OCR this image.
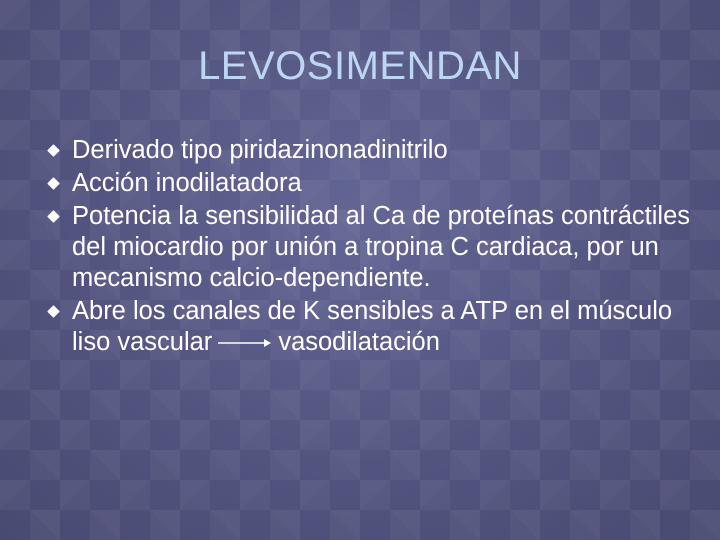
LEVOSIMENDAN
Derivado tipo piridazinonadinitrilo
Acción inodilatadora
Potencia la sensibilidad al Ca de proteínas contráctiles del miocardio por unión a tropina C cardiaca, por un mecanismo calcio-dependiente.
Abre los canales de K sensibles a ATP en el músculo liso vascular	vasodilatación
